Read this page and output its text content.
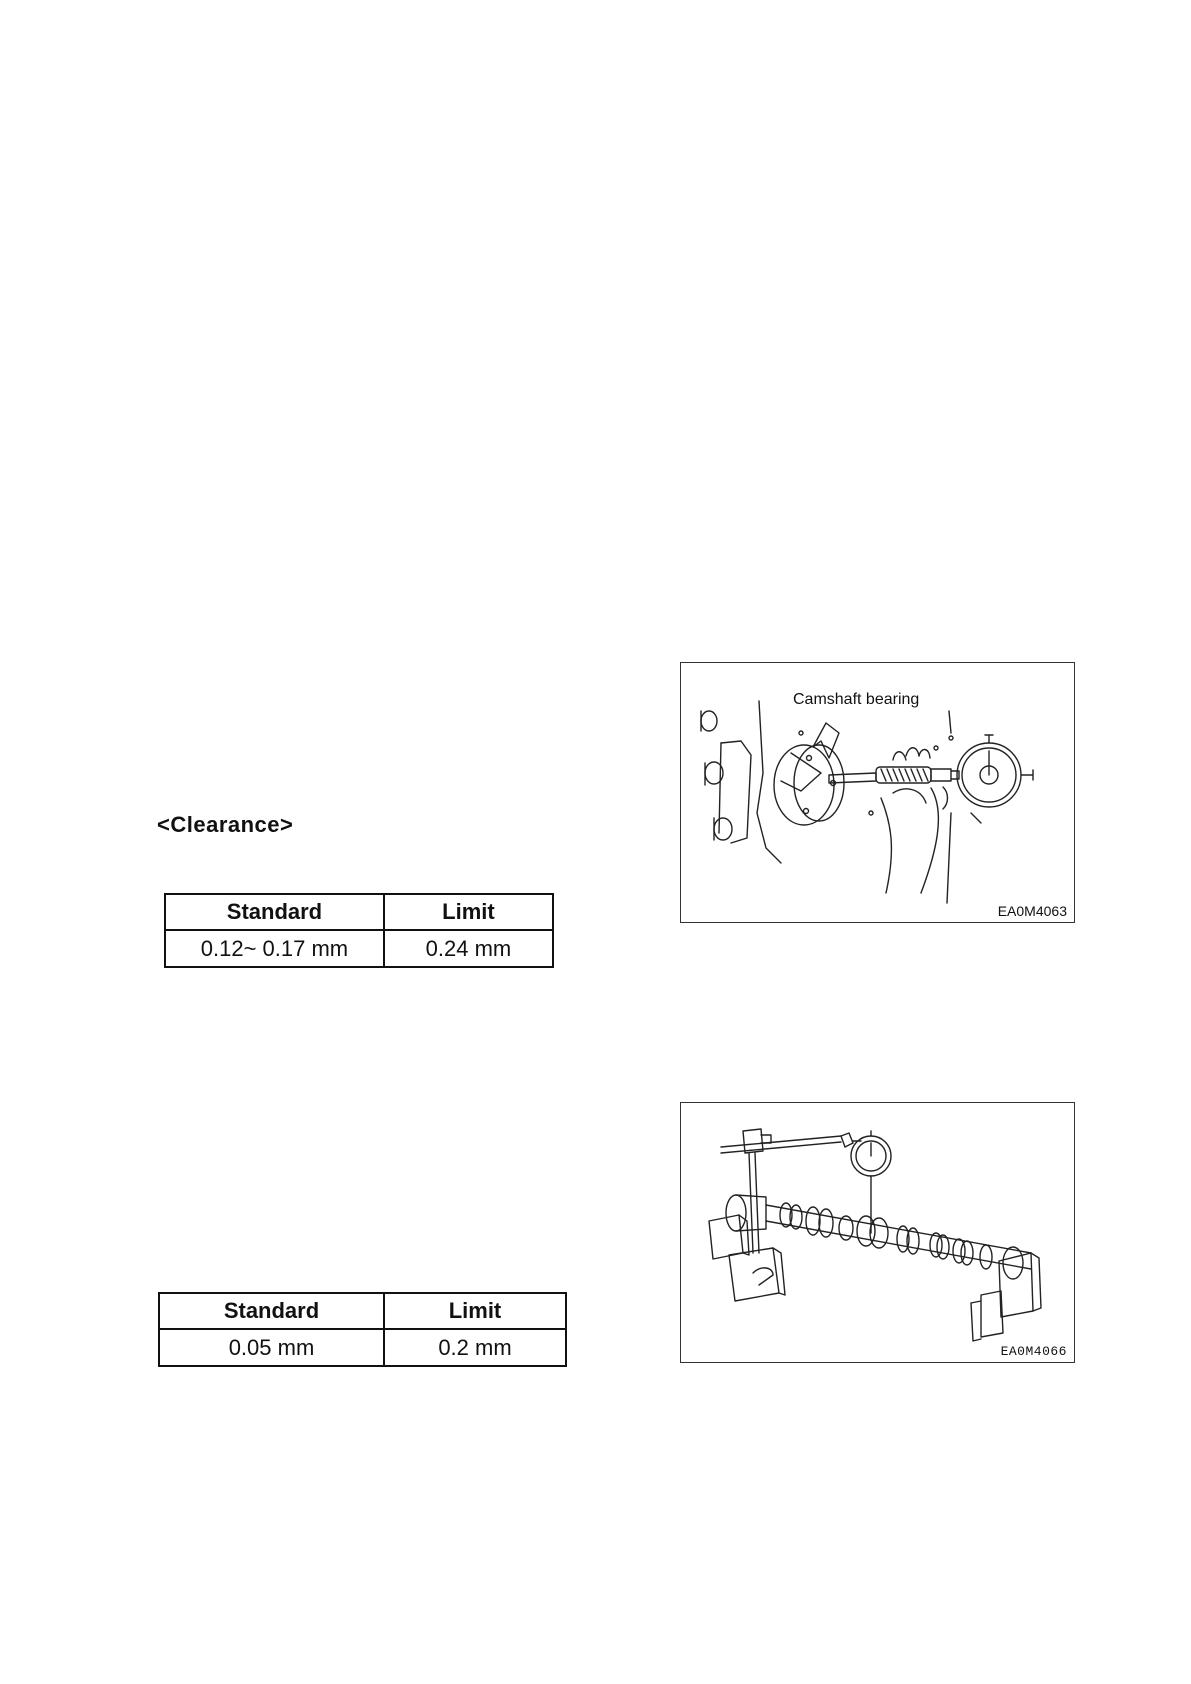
<Clearance>
Standard	Limit
0.12~ 0.17 mm	0.24 mm
Standard	Limit
0.05 mm	0.2 mm
Camshaft bearing
EA0M4063
EA0M4066
